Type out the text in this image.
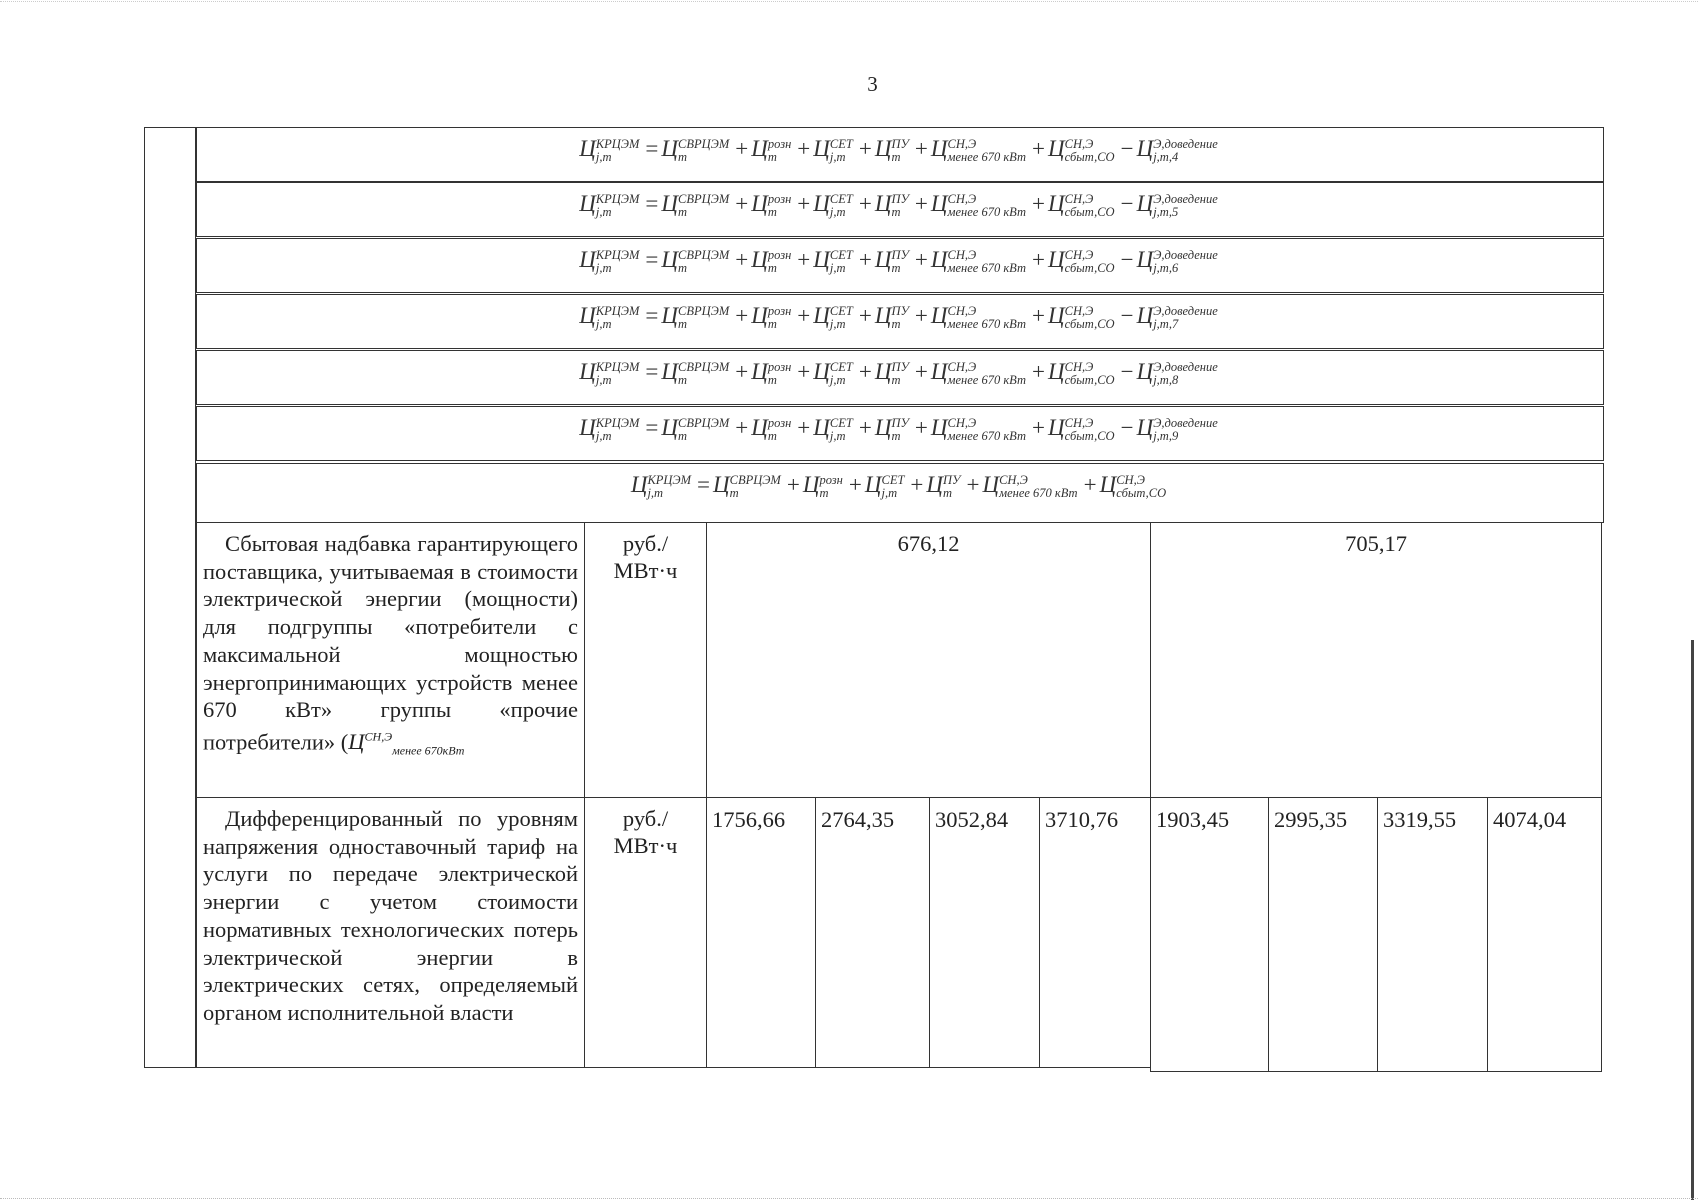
3
Ц КРЦЭМ
j,m	= Ц СВРЦЭМ
m	+ Ц розн
m + Ц СЕТ
j,m + Ц ПУ
m + Ц СН,Э
менее 670 кВт + Ц СН,Э
сбыт,СО − Ц Э,доведение
j,m,4
Ц КРЦЭМ
j,m	= Ц СВРЦЭМ
m	+ Ц розн
m + Ц СЕТ
j,m + Ц ПУ
m + Ц СН,Э
менее 670 кВт + Ц СН,Э
сбыт,СО − Ц Э,доведение
j,m,5
Ц КРЦЭМ
j,m	= Ц СВРЦЭМ
m	+ Ц розн
m + Ц СЕТ
j,m + Ц ПУ
m + Ц СН,Э
менее 670 кВт + Ц СН,Э
сбыт,СО − Ц Э,доведение
j,m,6
Ц КРЦЭМ
j,m	= Ц СВРЦЭМ
m	+ Ц розн
m + Ц СЕТ
j,m + Ц ПУ
m + Ц СН,Э
менее 670 кВт + Ц СН,Э
сбыт,СО − Ц Э,доведение
j,m,7
Ц КРЦЭМ
j,m	= Ц СВРЦЭМ
m	+ Ц розн
m + Ц СЕТ
j,m + Ц ПУ
m + Ц СН,Э
менее 670 кВт + Ц СН,Э
сбыт,СО − Ц Э,доведение
j,m,8
Ц КРЦЭМ
j,m	= Ц СВРЦЭМ
m	+ Ц розн
m + Ц СЕТ
j,m + Ц ПУ
m + Ц СН,Э
менее 670 кВт + Ц СН,Э
сбыт,СО − Ц Э,доведение
j,m,9
Ц КРЦЭМ
j,m	= Ц СВРЦЭМ
m	+ Ц розн
m + Ц СЕТ
j,m + Ц ПУ
m + Ц СН,Э
менее 670 кВт + Ц СН,Э
сбыт,СО
Сбытовая надбавка гарантирующего поставщика, учитываемая в стоимости электрической энергии (мощности) для подгруппы «потребители с максимальной мощностью энергопринимающих устройств менее 670 кВт» группы «прочие потребители» ($Ц^{СН,Э}_{менее 670кВт}$
руб./ МВт·ч
676,12	705,17
Дифференцированный по уровням напряжения одноставочный тариф на услуги по передаче электрической энергии с учетом стоимости нормативных технологических потерь электрической энергии в электрических сетях, определяемый органом исполнительной власти
руб./ МВт·ч
1756,66	2764,35	3052,84	3710,76	1903,45	2995,35	3319,55	4074,04
